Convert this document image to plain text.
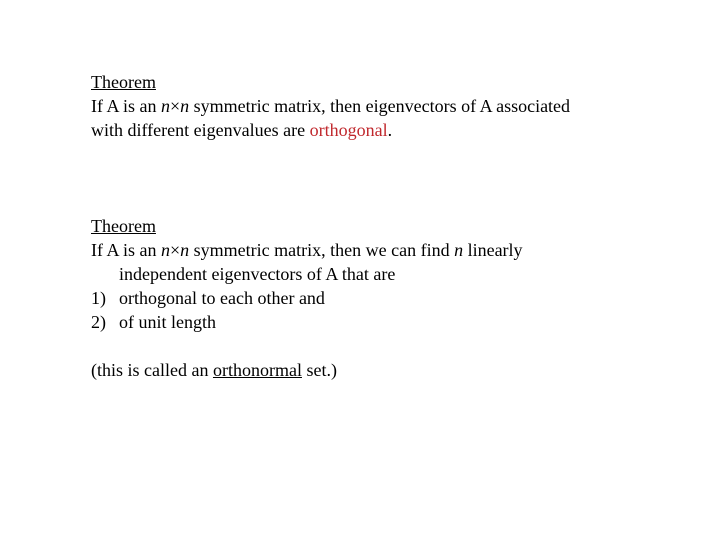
Theorem
If A is an n×n symmetric matrix, then eigenvectors of A associated
with different eigenvalues are orthogonal.
Theorem
If A is an n×n symmetric matrix, then we can find n linearly
independent eigenvectors of A that are
1) orthogonal to each other and
2) of unit length
(this is called an orthonormal set.)
